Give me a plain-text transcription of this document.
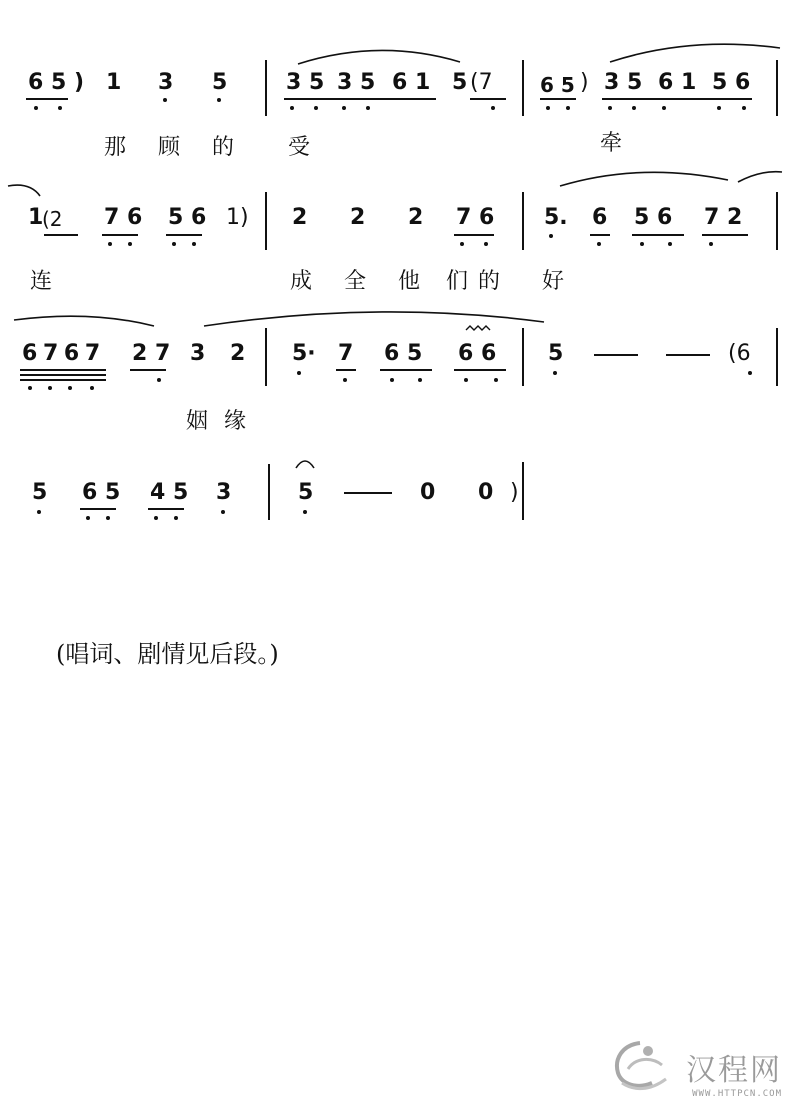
6 5 ) 1 3 5	3 5 3 5 6 1 5 (7 6 5 ) 3 5 6 1 5 6
那 顾 的 受	牵
1
(2 7 6 5 6 1) 2 2 2 7 6 5. 6 5 6 7 2
连	成 全 他 们 的 好
6 7 6 7 2 7 3 2 5· 7 6 5 6 6 5	(6
姻 缘
5 6 5 4 5 3	5	0 0 )
(唱词、剧情见后段。)
汉程网
WWW.HTTPCN.COM
